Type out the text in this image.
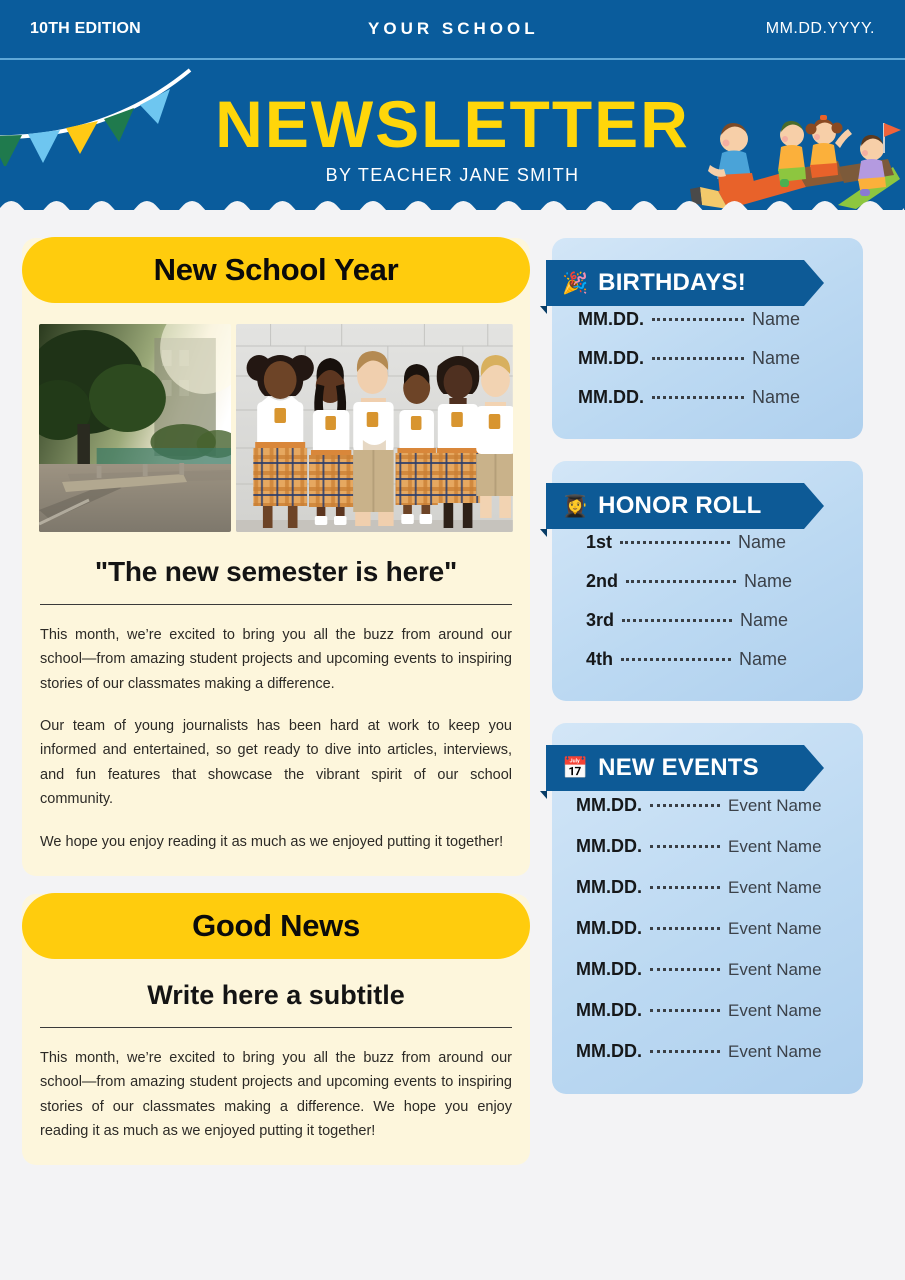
10TH EDITION	YOUR SCHOOL	MM.DD.YYYY.
NEWSLETTER
BY TEACHER JANE SMITH
New School Year
"The new semester is here"
This month, we’re excited to bring you all the buzz from around our school—from amazing student projects and upcoming events to inspiring stories of our classmates making a difference.
Our team of young journalists has been hard at work to keep you informed and entertained, so get ready to dive into articles, interviews, and fun features that showcase the vibrant spirit of our school community.
We hope you enjoy reading it as much as we enjoyed putting it together!
Good News
Write here a subtitle
This month, we’re excited to bring you all the buzz from around our school—from amazing student projects and upcoming events to inspiring stories of our classmates making a difference. We hope you enjoy reading it as much as we enjoyed putting it together!
🎉 BIRTHDAYS!
MM.DD.	Name
MM.DD.	Name
MM.DD.	Name
👩‍🎓 HONOR ROLL
1st	Name
2nd	Name
3rd	Name
4th	Name
📅 NEW EVENTS
MM.DD.	Event Name
MM.DD.	Event Name
MM.DD.	Event Name
MM.DD.	Event Name
MM.DD.	Event Name
MM.DD.	Event Name
MM.DD.	Event Name
